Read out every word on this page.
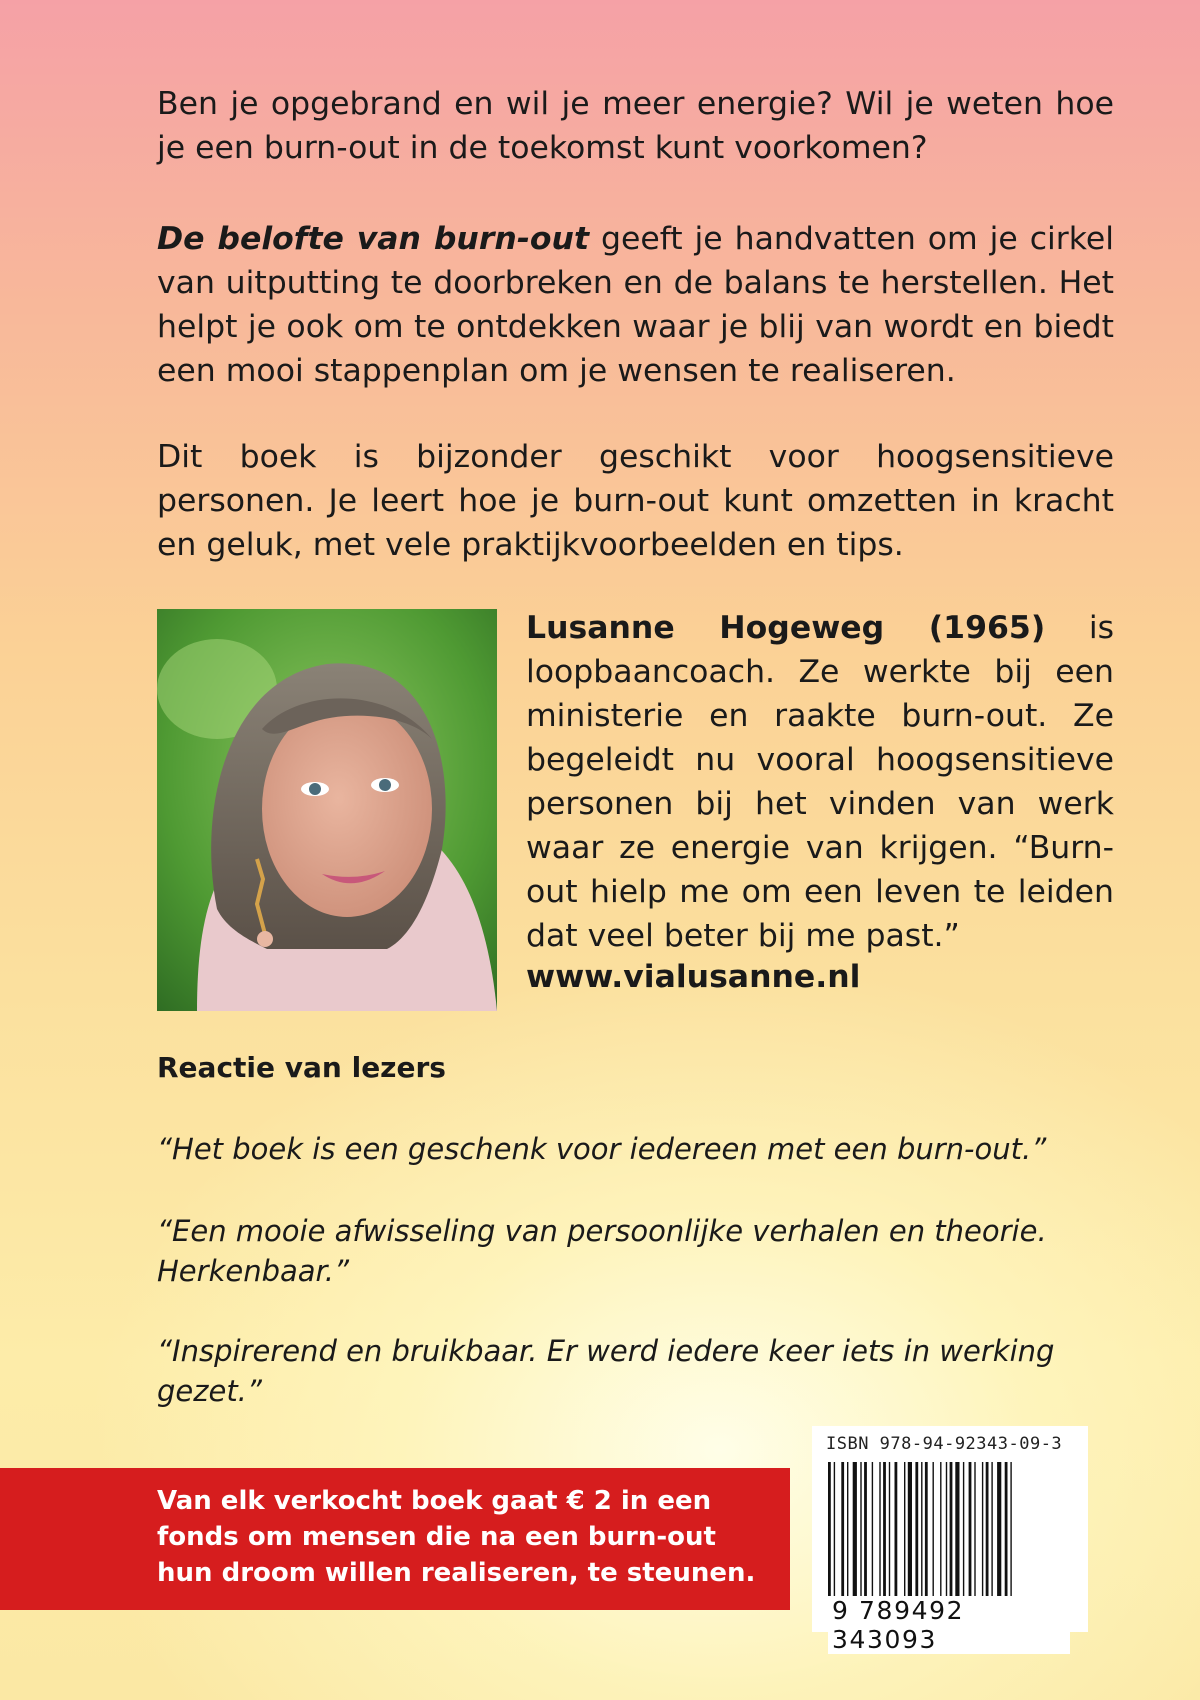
Ben je opgebrand en wil je meer energie? Wil je weten hoe je een burn-out in de toekomst kunt voorkomen?
De belofte van burn-out geeft je handvatten om je cirkel van uitputting te doorbreken en de balans te herstellen. Het helpt je ook om te ontdekken waar je blij van wordt en biedt een mooi stappenplan om je wensen te realiseren.
Dit boek is bijzonder geschikt voor hoogsensitieve personen. Je leert hoe je burn-out kunt omzetten in kracht en geluk, met vele praktijkvoorbeelden en tips.
Lusanne Hogeweg (1965) is loopbaancoach. Ze werkte bij een ministerie en raakte burn-out. Ze begeleidt nu vooral hoogsensitieve personen bij het vinden van werk waar ze energie van krijgen. “Burn-out hielp me om een leven te leiden dat veel beter bij me past.”
www.vialusanne.nl
Reactie van lezers
“Het boek is een geschenk voor iedereen met een burn-out.”
“Een mooie afwisseling van persoonlijke verhalen en theorie. Herkenbaar.”
“Inspirerend en bruikbaar. Er werd iedere keer iets in werking gezet.”
Van elk verkocht boek gaat € 2 in een fonds om mensen die na een burn-out hun droom willen realiseren, te steunen.
ISBN 978-94-92343-09-3
9 789492 343093
